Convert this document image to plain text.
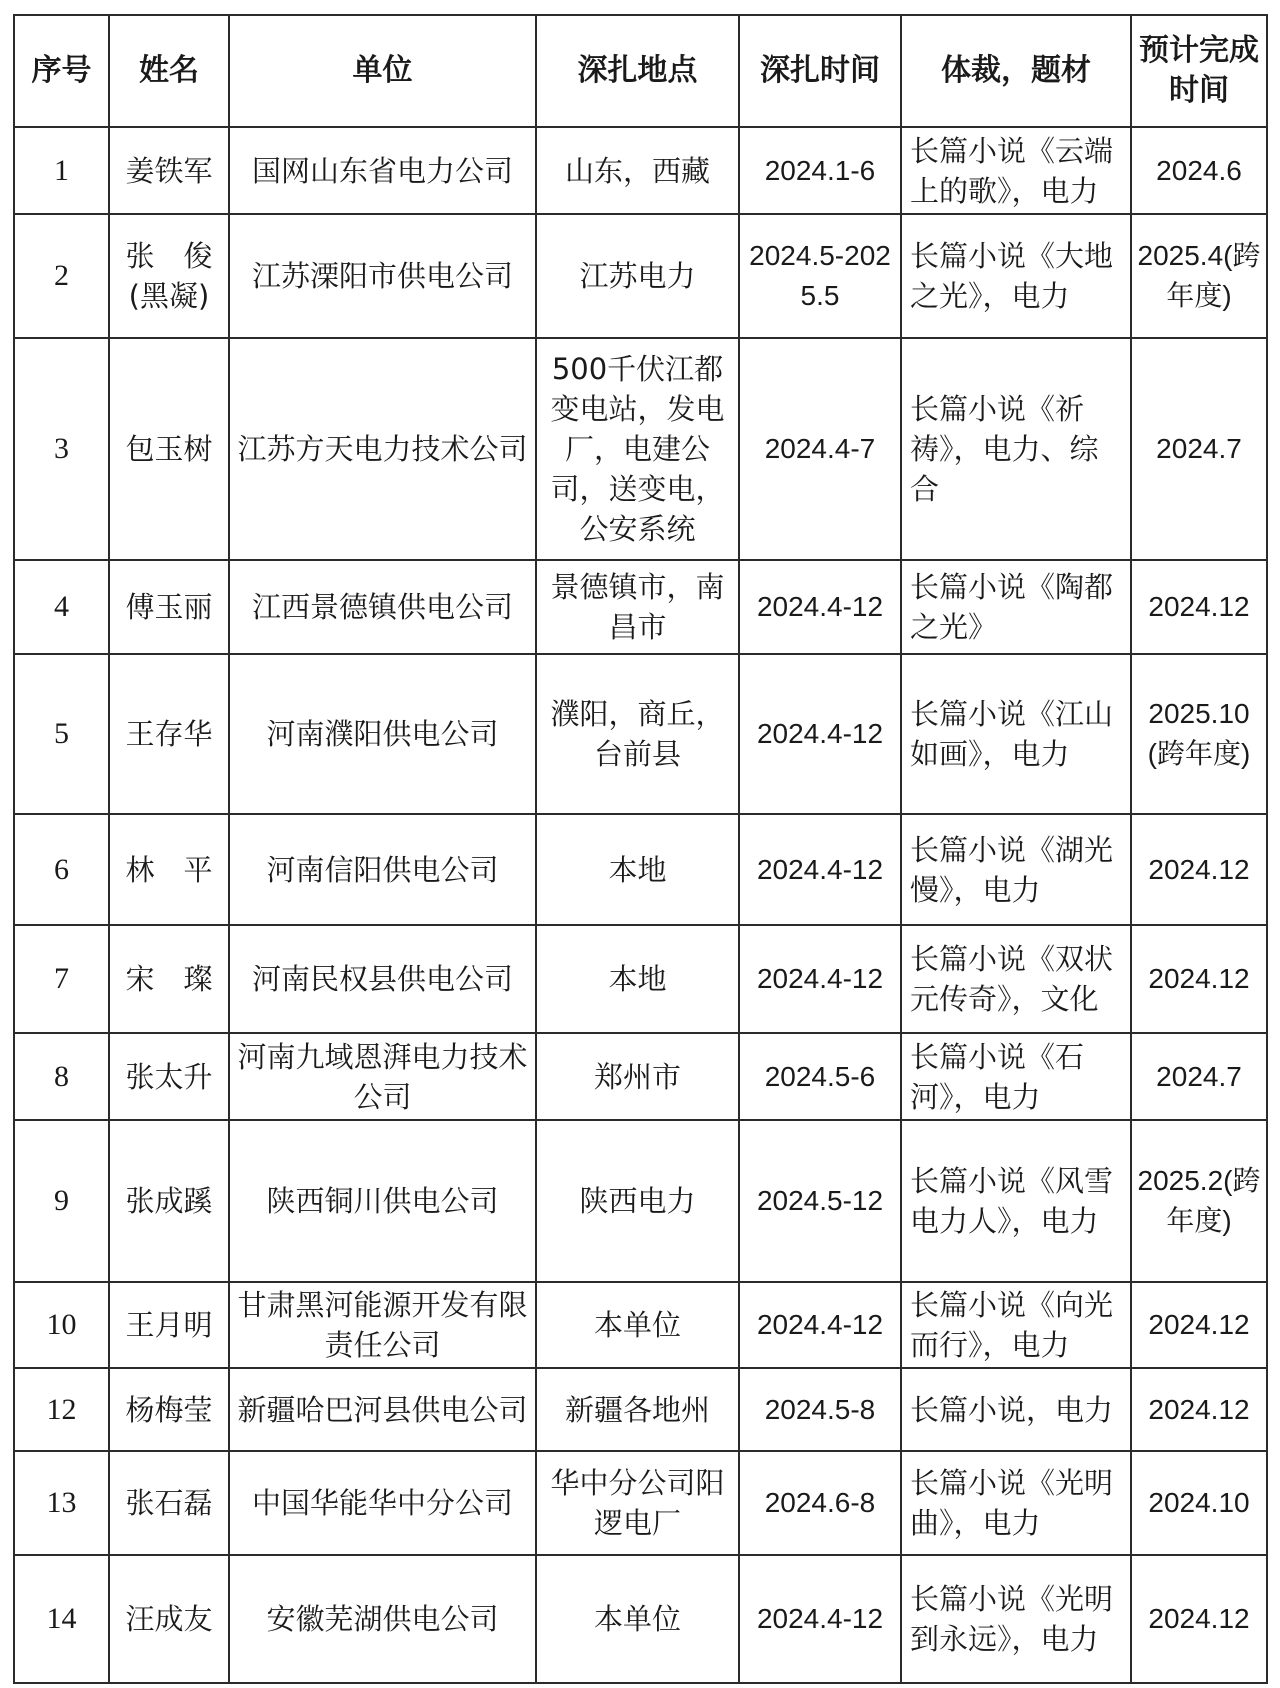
序号	姓名	单位	深扎地点	深扎时间	体裁，题材	预计完成时间
1	姜铁军	国网山东省电力公司	山东，西藏	2024.1-6	长篇小说《云端上的歌》，电力	2024.6
2	张　俊(黑凝)	江苏溧阳市供电公司	江苏电力	2024.5-2025.5	长篇小说《大地之光》，电力	2025.4(跨年度)
3	包玉树	江苏方天电力技术公司	500千伏江都变电站，发电厂，电建公司，送变电，公安系统	2024.4-7	长篇小说《祈祷》，电力、综合	2024.7
4	傅玉丽	江西景德镇供电公司	景德镇市，南昌市	2024.4-12	长篇小说《陶都之光》	2024.12
5	王存华	河南濮阳供电公司	濮阳，商丘，台前县	2024.4-12	长篇小说《江山如画》，电力	2025.10(跨年度)
6	林　平	河南信阳供电公司	本地	2024.4-12	长篇小说《湖光慢》，电力	2024.12
7	宋　璨	河南民权县供电公司	本地	2024.4-12	长篇小说《双状元传奇》，文化	2024.12
8	张太升	河南九域恩湃电力技术公司	郑州市	2024.5-6	长篇小说《石河》，电力	2024.7
9	张成蹊	陕西铜川供电公司	陕西电力	2024.5-12	长篇小说《风雪电力人》，电力	2025.2(跨年度)
10	王月明	甘肃黑河能源开发有限责任公司	本单位	2024.4-12	长篇小说《向光而行》，电力	2024.12
12	杨梅莹	新疆哈巴河县供电公司	新疆各地州	2024.5-8	长篇小说，电力	2024.12
13	张石磊	中国华能华中分公司	华中分公司阳逻电厂	2024.6-8	长篇小说《光明曲》，电力	2024.10
14	汪成友	安徽芜湖供电公司	本单位	2024.4-12	长篇小说《光明到永远》，电力	2024.12
